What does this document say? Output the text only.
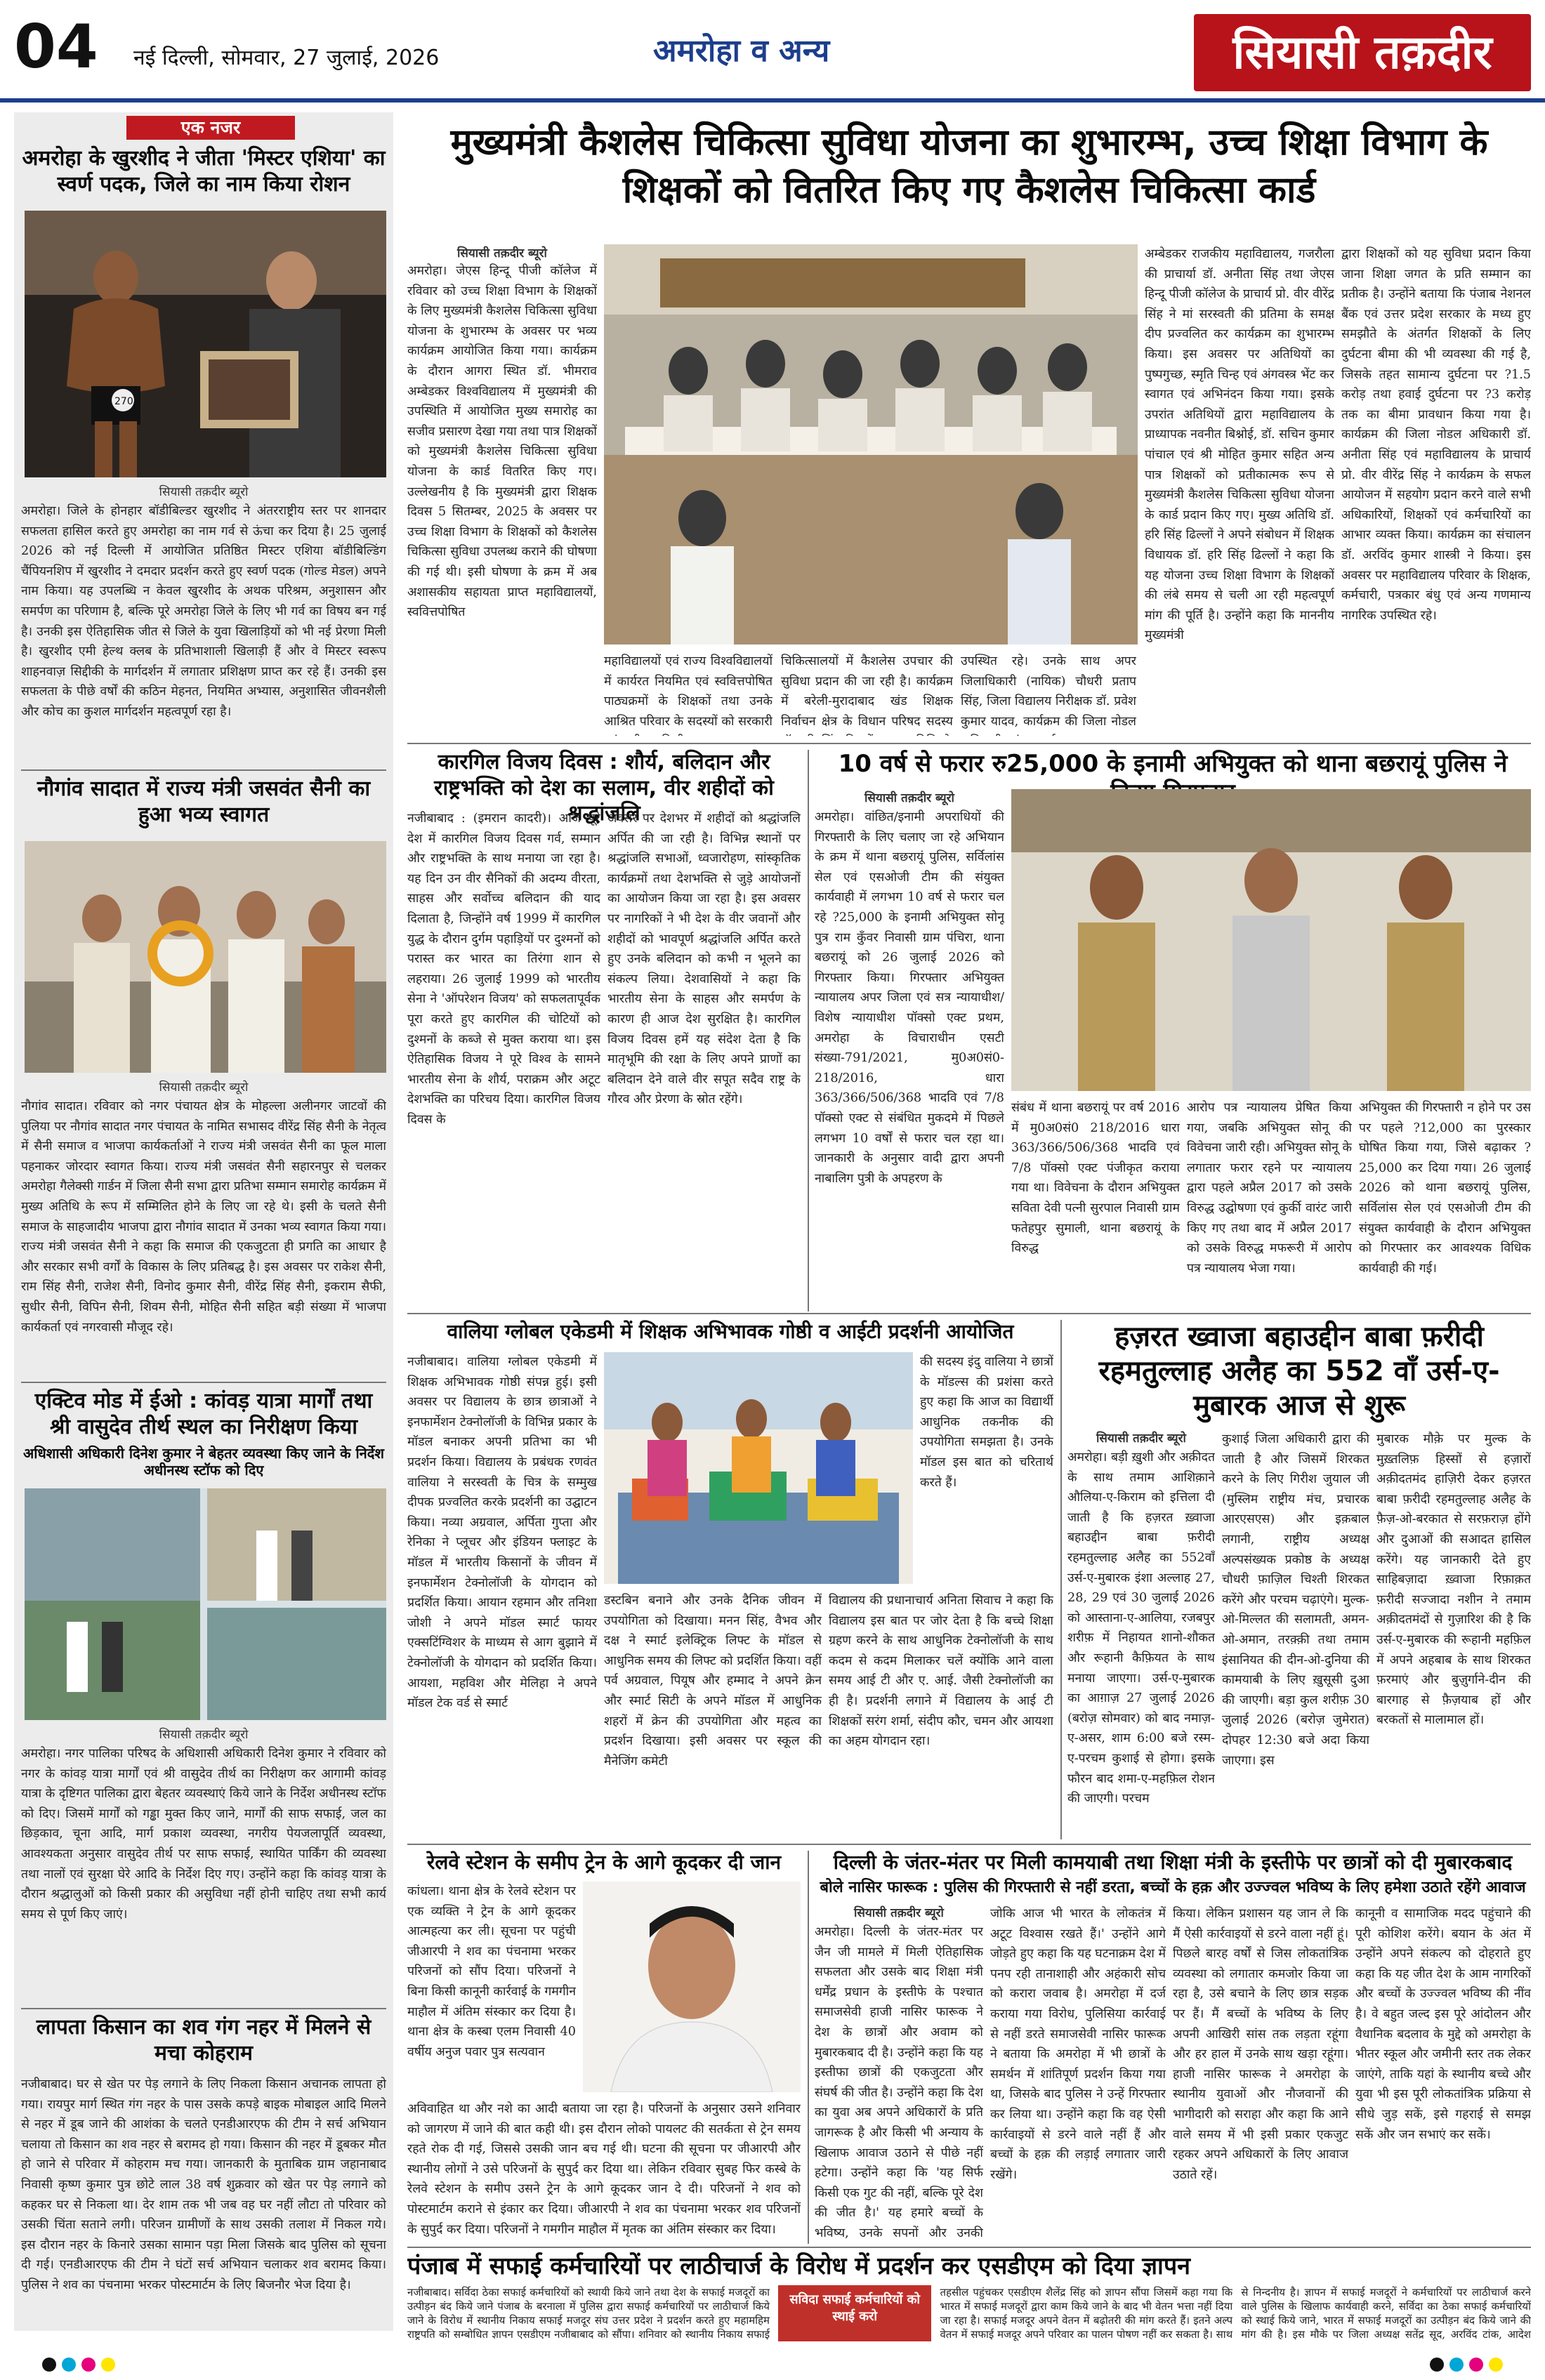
04	नई दिल्ली, सोमवार, 27 जुलाई, 2026	अमरोहा व अन्य	सियासी तक़दीर
एक नजर
अमरोहा के खुरशीद ने जीता 'मिस्टर एशिया' का स्वर्ण पदक, जिले का नाम किया रोशन
270
सियासी तक़दीर ब्यूरो
अमरोहा। जिले के होनहार बॉडीबिल्डर खुरशीद ने अंतरराष्ट्रीय स्तर पर शानदार सफलता हासिल करते हुए अमरोहा का नाम गर्व से ऊंचा कर दिया है। 25 जुलाई 2026 को नई दिल्ली में आयोजित प्रतिष्ठित मिस्टर एशिया बॉडीबिल्डिंग चैंपियनशिप में खुरशीद ने दमदार प्रदर्शन करते हुए स्वर्ण पदक (गोल्ड मेडल) अपने नाम किया। यह उपलब्धि न केवल खुरशीद के अथक परिश्रम, अनुशासन और समर्पण का परिणाम है, बल्कि पूरे अमरोहा जिले के लिए भी गर्व का विषय बन गई है। उनकी इस ऐतिहासिक जीत से जिले के युवा खिलाड़ियों को भी नई प्रेरणा मिली है। खुरशीद एमी हेल्थ क्लब के प्रतिभाशाली खिलाड़ी हैं और वे मिस्टर स्वरूप शाहनवाज़ सिद्दीकी के मार्गदर्शन में लगातार प्रशिक्षण प्राप्त कर रहे हैं। उनकी इस सफलता के पीछे वर्षों की कठिन मेहनत, नियमित अभ्यास, अनुशासित जीवनशैली और कोच का कुशल मार्गदर्शन महत्वपूर्ण रहा है।
नौगांव सादात में राज्य मंत्री जसवंत सैनी का हुआ भव्य स्वागत
सियासी तक़दीर ब्यूरो
नौगांव सादात। रविवार को नगर पंचायत क्षेत्र के मोहल्ला अलीनगर जाटवों की पुलिया पर नौगांव सादात नगर पंचायत के नामित सभासद वीरेंद्र सिंह सैनी के नेतृत्व में सैनी समाज व भाजपा कार्यकर्ताओं ने राज्य मंत्री जसवंत सैनी का फूल माला पहनाकर जोरदार स्वागत किया। राज्य मंत्री जसवंत सैनी सहारनपुर से चलकर अमरोहा गैलेक्सी गार्डन में जिला सैनी सभा द्वारा प्रतिभा सम्मान समारोह कार्यक्रम में मुख्य अतिथि के रूप में सम्मिलित होने के लिए जा रहे थे। इसी के चलते सैनी समाज के साहजादीय भाजपा द्वारा नौगांव सादात में उनका भव्य स्वागत किया गया। राज्य मंत्री जसवंत सैनी ने कहा कि समाज की एकजुटता ही प्रगति का आधार है और सरकार सभी वर्गों के विकास के लिए प्रतिबद्ध है। इस अवसर पर राकेश सैनी, राम सिंह सैनी, राजेश सैनी, विनोद कुमार सैनी, वीरेंद्र सिंह सैनी, इकराम सैफी, सुधीर सैनी, विपिन सैनी, शिवम सैनी, मोहित सैनी सहित बड़ी संख्या में भाजपा कार्यकर्ता एवं नगरवासी मौजूद रहे।
एक्टिव मोड में ईओ : कांवड़ यात्रा मार्गों तथा श्री वासुदेव तीर्थ स्थल का निरीक्षण किया
अधिशासी अधिकारी दिनेश कुमार ने बेहतर व्यवस्था किए जाने के निर्देश अधीनस्थ स्टॉफ को दिए
सियासी तक़दीर ब्यूरो
अमरोहा। नगर पालिका परिषद के अधिशासी अधिकारी दिनेश कुमार ने रविवार को नगर के कांवड़ यात्रा मार्गों एवं श्री वासुदेव तीर्थ का निरीक्षण कर आगामी कांवड़ यात्रा के दृष्टिगत पालिका द्वारा बेहतर व्यवस्थाएं किये जाने के निर्देश अधीनस्थ स्टॉफ को दिए। जिसमें मार्गों को गड्ढा मुक्त किए जाने, मार्गों की साफ सफाई, जल का छिड़काव, चूना आदि, मार्ग प्रकाश व्यवस्था, नगरीय पेयजलापूर्ति व्यवस्था, आवश्यकता अनुसार वासुदेव तीर्थ पर साफ सफाई, स्थायित पार्किंग की व्यवस्था तथा नालों एवं सुरक्षा घेरे आदि के निर्देश दिए गए। उन्होंने कहा कि कांवड़ यात्रा के दौरान श्रद्धालुओं को किसी प्रकार की असुविधा नहीं होनी चाहिए तथा सभी कार्य समय से पूर्ण किए जाएं।
लापता किसान का शव गंग नहर में मिलने से मचा कोहराम
नजीबाबाद। घर से खेत पर पेड़ लगाने के लिए निकला किसान अचानक लापता हो गया। रायपुर मार्ग स्थित गंग नहर के पास उसके कपड़े बाइक मोबाइल आदि मिलने से नहर में डूब जाने की आशंका के चलते एनडीआरएफ की टीम ने सर्च अभियान चलाया तो किसान का शव नहर से बरामद हो गया। किसान की नहर में डूबकर मौत हो जाने से परिवार में कोहराम मच गया। जानकारी के मुताबिक ग्राम जहानाबाद निवासी कृष्ण कुमार पुत्र छोटे लाल 38 वर्ष शुक्रवार को खेत पर पेड़ लगाने को कहकर घर से निकला था। देर शाम तक भी जब वह घर नहीं लौटा तो परिवार को उसकी चिंता सताने लगी। परिजन ग्रामीणों के साथ उसकी तलाश में निकल गये। इस दौरान नहर के किनारे उसका सामान पड़ा मिला जिसके बाद पुलिस को सूचना दी गई। एनडीआरएफ की टीम ने घंटों सर्च अभियान चलाकर शव बरामद किया। पुलिस ने शव का पंचनामा भरकर पोस्टमार्टम के लिए बिजनौर भेज दिया है।
मुख्यमंत्री कैशलेस चिकित्सा सुविधा योजना का शुभारम्भ, उच्च शिक्षा विभाग के शिक्षकों को वितरित किए गए कैशलेस चिकित्सा कार्ड
सियासी तक़दीर ब्यूरो
अमरोहा। जेएस हिन्दू पीजी कॉलेज में रविवार को उच्च शिक्षा विभाग के शिक्षकों के लिए मुख्यमंत्री कैशलेस चिकित्सा सुविधा योजना के शुभारम्भ के अवसर पर भव्य कार्यक्रम आयोजित किया गया। कार्यक्रम के दौरान आगरा स्थित डॉ. भीमराव अम्बेडकर विश्वविद्यालय में मुख्यमंत्री की उपस्थिति में आयोजित मुख्य समारोह का सजीव प्रसारण देखा गया तथा पात्र शिक्षकों को मुख्यमंत्री कैशलेस चिकित्सा सुविधा योजना के कार्ड वितरित किए गए। उल्लेखनीय है कि मुख्यमंत्री द्वारा शिक्षक दिवस 5 सितम्बर, 2025 के अवसर पर उच्च शिक्षा विभाग के शिक्षकों को कैशलेस चिकित्सा सुविधा उपलब्ध कराने की घोषणा की गई थी। इसी घोषणा के क्रम में अब अशासकीय सहायता प्राप्त महाविद्यालयों, स्ववित्तपोषित
महाविद्यालयों एवं राज्य विश्वविद्यालयों में कार्यरत नियमित एवं स्ववित्तपोषित पाठ्यक्रमों के शिक्षकों तथा उनके आश्रित परिवार के सदस्यों को सरकारी
चिकित्सालयों में कैशलेस उपचार की सुविधा प्रदान की जा रही है। कार्यक्रम में बरेली-मुरादाबाद खंड शिक्षक निर्वाचन क्षेत्र के विधान परिषद सदस्य
उपस्थित रहे। उनके साथ अपर जिलाधिकारी (नायिक) चौधरी प्रताप सिंह, जिला विद्यालय निरीक्षक डॉ. प्रवेश कुमार यादव, कार्यक्रम की जिला नोडल
अम्बेडकर राजकीय महाविद्यालय, गजरौला की प्राचार्या डॉ. अनीता सिंह तथा जेएस हिन्दू पीजी कॉलेज के प्राचार्य प्रो. वीर वीरेंद्र सिंह ने मां सरस्वती की प्रतिमा के समक्ष दीप प्रज्वलित कर कार्यक्रम का शुभारम्भ किया। इस अवसर पर अतिथियों का पुष्पगुच्छ, स्मृति चिन्ह एवं अंगवस्त्र भेंट कर स्वागत एवं अभिनंदन किया गया। इसके उपरांत अतिथियों द्वारा महाविद्यालय के प्राध्यापक नवनीत बिश्नोई, डॉ. सचिन कुमार पांचाल एवं श्री मोहित कुमार सहित अन्य पात्र शिक्षकों को प्रतीकात्मक रूप से मुख्यमंत्री कैशलेस चिकित्सा सुविधा योजना के कार्ड प्रदान किए गए। मुख्य अतिथि डॉ. हरि सिंह ढिल्लों ने अपने संबोधन में शिक्षक विधायक डॉ. हरि सिंह ढिल्लों ने कहा कि यह योजना उच्च शिक्षा विभाग के शिक्षकों की लंबे समय से चली आ रही महत्वपूर्ण मांग की पूर्ति है। उन्होंने कहा कि माननीय मुख्यमंत्री
द्वारा शिक्षकों को यह सुविधा प्रदान किया जाना शिक्षा जगत के प्रति सम्मान का प्रतीक है। उन्होंने बताया कि पंजाब नेशनल बैंक एवं उत्तर प्रदेश सरकार के मध्य हुए समझौते के अंतर्गत शिक्षकों के लिए दुर्घटना बीमा की भी व्यवस्था की गई है, जिसके तहत सामान्य दुर्घटना पर ?1.5 करोड़ तथा हवाई दुर्घटना पर ?3 करोड़ तक का बीमा प्रावधान किया गया है। कार्यक्रम की जिला नोडल अधिकारी डॉ. अनीता सिंह एवं महाविद्यालय के प्राचार्य प्रो. वीर वीरेंद्र सिंह ने कार्यक्रम के सफल आयोजन में सहयोग प्रदान करने वाले सभी अधिकारियों, शिक्षकों एवं कर्मचारियों का आभार व्यक्त किया। कार्यक्रम का संचालन डॉ. अरविंद कुमार शास्त्री ने किया। इस अवसर पर महाविद्यालय परिवार के शिक्षक, कर्मचारी, पत्रकार बंधु एवं अन्य गणमान्य नागरिक उपस्थित रहे।
कारगिल विजय दिवस : शौर्य, बलिदान और राष्ट्रभक्ति को देश का सलाम, वीर शहीदों को श्रद्धांजलि
नजीबाबाद : (इमरान कादरी)। आज पूरे देश में कारगिल विजय दिवस गर्व, सम्मान और राष्ट्रभक्ति के साथ मनाया जा रहा है। यह दिन उन वीर सैनिकों की अदम्य वीरता, साहस और सर्वोच्च बलिदान की याद दिलाता है, जिन्होंने वर्ष 1999 में कारगिल युद्ध के दौरान दुर्गम पहाड़ियों पर दुश्मनों को परास्त कर भारत का तिरंगा शान से लहराया। 26 जुलाई 1999 को भारतीय सेना ने 'ऑपरेशन विजय' को सफलतापूर्वक पूरा करते हुए कारगिल की चोटियों को दुश्मनों के कब्जे से मुक्त कराया था। इस ऐतिहासिक विजय ने पूरे विश्व के सामने भारतीय सेना के शौर्य, पराक्रम और अटूट देशभक्ति का परिचय दिया। कारगिल विजय दिवस के
अवसर पर देशभर में शहीदों को श्रद्धांजलि अर्पित की जा रही है। विभिन्न स्थानों पर श्रद्धांजलि सभाओं, ध्वजारोहण, सांस्कृतिक कार्यक्रमों तथा देशभक्ति से जुड़े आयोजनों का आयोजन किया जा रहा है। इस अवसर पर नागरिकों ने भी देश के वीर जवानों और शहीदों को भावपूर्ण श्रद्धांजलि अर्पित करते हुए उनके बलिदान को कभी न भूलने का संकल्प लिया। देशवासियों ने कहा कि भारतीय सेना के साहस और समर्पण के कारण ही आज देश सुरक्षित है। कारगिल विजय दिवस हमें यह संदेश देता है कि मातृभूमि की रक्षा के लिए अपने प्राणों का बलिदान देने वाले वीर सपूत सदैव राष्ट्र के गौरव और प्रेरणा के स्रोत रहेंगे।
10 वर्ष से फरार रु25,000 के इनामी अभियुक्त को थाना बछरायूं पुलिस ने
सियासी तक़दीर ब्यूरो
अमरोहा। वांछित/इनामी अपराधियों की गिरफ्तारी के लिए चलाए जा रहे अभियान के क्रम में थाना बछरायूं पुलिस, सर्विलांस सेल एवं एसओजी टीम की संयुक्त कार्यवाही में लगभग 10 वर्ष से फरार चल रहे ?25,000 के इनामी अभियुक्त सोनू पुत्र राम कुँवर निवासी ग्राम पंचिरा, थाना बछरायूं को 26 जुलाई 2026 को गिरफ्तार किया। गिरफ्तार अभियुक्त न्यायालय अपर जिला एवं सत्र न्यायाधीश/विशेष न्यायाधीश पॉक्सो एक्ट प्रथम, अमरोहा के विचाराधीन एसटी संख्या-791/2021, मु0अ0सं0-218/2016, धारा 363/366/506/368 भादवि एवं 7/8 पॉक्सो एक्ट से संबंधित मुकदमे में पिछले लगभग 10 वर्षों से फरार चल रहा था। जानकारी के अनुसार वादी द्वारा अपनी नाबालिग पुत्री के अपहरण के
संबंध में थाना बछरायूं पर वर्ष 2016 में मु0अ0सं0 218/2016 धारा 363/366/506/368 भादवि एवं 7/8 पॉक्सो एक्ट पंजीकृत कराया गया था। विवेचना के दौरान अभियुक्त सविता देवी पत्नी सुरपाल निवासी ग्राम फतेहपुर सुमाली, थाना बछरायूं के विरुद्ध
आरोप पत्र न्यायालय प्रेषित किया गया, जबकि अभियुक्त सोनू की विवेचना जारी रही। अभियुक्त सोनू के लगातार फरार रहने पर न्यायालय द्वारा पहले अप्रैल 2017 को उसके विरुद्ध उद्घोषणा एवं कुर्की वारंट जारी किए गए तथा बाद में अप्रैल 2017 को उसके विरुद्ध मफरूरी में आरोप पत्र न्यायालय भेजा गया।
अभियुक्त की गिरफ्तारी न होने पर उस पर पहले ?12,000 का पुरस्कार घोषित किया गया, जिसे बढ़ाकर ?25,000 कर दिया गया। 26 जुलाई 2026 को थाना बछरायूं पुलिस, सर्विलांस सेल एवं एसओजी टीम की संयुक्त कार्यवाही के दौरान अभियुक्त को गिरफ्तार कर आवश्यक विधिक कार्यवाही की गई।
वालिया ग्लोबल एकेडमी में शिक्षक अभिभावक गोष्ठी व आईटी प्रदर्शनी आयोजित
नजीबाबाद। वालिया ग्लोबल एकेडमी में शिक्षक अभिभावक गोष्ठी संपन्न हुई। इसी अवसर पर विद्यालय के छात्र छात्राओं ने इनफार्मेशन टेक्नोलॉजी के विभिन्न प्रकार के मॉडल बनाकर अपनी प्रतिभा का भी प्रदर्शन किया। विद्यालय के प्रबंधक रणवंत वालिया ने सरस्वती के चित्र के सम्मुख दीपक प्रज्वलित करके प्रदर्शनी का उद्घाटन किया। नव्या अग्रवाल, अर्पिता गुप्ता और रेनिका ने प्लूचर और इंडियन फ्लाइट के मॉडल में भारतीय किसानों के जीवन में इनफार्मेशन टेक्नोलॉजी के योगदान को प्रदर्शित किया। आयान रहमान और तनिशा जोशी ने अपने मॉडल स्मार्ट फायर एक्सटिंग्विशर के माध्यम से आग बुझाने में टेक्नोलॉजी के योगदान को प्रदर्शित किया। आयशा, महविश और मेलिहा ने अपने मॉडल टेक वर्ड से स्मार्ट
की सदस्य इंदु वालिया ने छात्रों के मॉडल्स की प्रशंसा करते हुए कहा कि आज का विद्यार्थी आधुनिक तकनीक की उपयोगिता समझता है। उनके मॉडल इस बात को चरितार्थ करते हैं।
डस्टबिन बनाने और उनके दैनिक जीवन में उपयोगिता को दिखाया। मनन सिंह, वैभव और दक्ष ने स्मार्ट इलेक्ट्रिक लिफ्ट के मॉडल से आधुनिक समय की लिफ्ट को प्रदर्शित किया। वहीं पर्व अग्रवाल, पियूष और हम्माद ने अपने क्रेन और स्मार्ट सिटी के अपने मॉडल में आधुनिक शहरों में क्रेन की उपयोगिता और महत्व का प्रदर्शन दिखाया। इसी अवसर पर स्कूल की मैनेजिंग कमेटी
विद्यालय की प्रधानाचार्य अनिता सिवाच ने कहा कि विद्यालय इस बात पर जोर देता है कि बच्चे शिक्षा ग्रहण करने के साथ आधुनिक टेक्नोलॉजी के साथ कदम से कदम मिलाकर चलें क्योंकि आने वाला समय आई टी और ए. आई. जैसी टेक्नोलॉजी का ही है। प्रदर्शनी लगाने में विद्यालय के आई टी शिक्षकों सरंग शर्मा, संदीप कौर, चमन और आयशा का अहम योगदान रहा।
हज़रत ख्वाजा बहाउद्दीन बाबा फ़रीदी रहमतुल्लाह अलैह का 552 वाँ उर्स-ए-मुबारक आज से शुरू
सियासी तक़दीर ब्यूरो
अमरोहा। बड़ी ख़ुशी और अक़ीदत के साथ तमाम आशिक़ाने औलिया-ए-किराम को इत्तिला दी जाती है कि हज़रत ख़्वाजा बहाउद्दीन बाबा फ़रीदी रहमतुल्लाह अलैह का 552वाँ उर्स-ए-मुबारक इंशा अल्लाह 27, 28, 29 एवं 30 जुलाई 2026 को आस्ताना-ए-आलिया, रजबपुर शरीफ़ में निहायत शानो-शौकत और रूहानी कैफ़ियत के साथ मनाया जाएगा। उर्स-ए-मुबारक का आग़ाज़ 27 जुलाई 2026 (बरोज़ सोमवार) को बाद नमाज़-ए-असर, शाम 6:00 बजे रस्म-ए-परचम कुशाई से होगा। इसके फौरन बाद शमा-ए-महफ़िल रोशन की जाएगी। परचम
कुशाई जिला अधिकारी द्वारा की जाती है और जिसमें शिरकत करने के लिए गिरीश जुयाल जी (मुस्लिम राष्ट्रीय मंच, प्रचारक आरएसएस) और इक़बाल लगानी, राष्ट्रीय अध्यक्ष अल्पसंख्यक प्रकोष्ठ के अध्यक्ष चौधरी फ़ाज़िल चिश्ती शिरकत करेंगे और परचम चढ़ाएंगे। मुल्क-ओ-मिल्लत की सलामती, अमन-ओ-अमान, तरक़्क़ी तथा तमाम इंसानियत की दीन-ओ-दुनिया की कामयाबी के लिए ख़ुसूसी दुआ की जाएगी। बड़ा कुल शरीफ़ 30 जुलाई 2026 (बरोज़ जुमेरात) दोपहर 12:30 बजे अदा किया जाएगा। इस
मुबारक मौक़े पर मुल्क के मुख़्तलिफ़ हिस्सों से हज़ारों अक़ीदतमंद हाज़िरी देकर हज़रत बाबा फ़रीदी रहमतुल्लाह अलैह के फ़ैज़-ओ-बरकात से सरफ़राज़ होंगे और दुआओं की सआदत हासिल करेंगे। यह जानकारी देते हुए साहिबज़ादा ख़्वाजा रिफ़ाक़त फ़रीदी सज्जादा नशीन ने तमाम अक़ीदतमंदों से गुज़ारिश की है कि उर्स-ए-मुबारक की रूहानी महफ़िल में अपने अहबाब के साथ शिरकत फ़रमाएं और बुज़ुर्गाने-दीन की बारगाह से फ़ैज़याब हों और बरकतों से मालामाल हों।
रेलवे स्टेशन के समीप ट्रेन के आगे कूदकर दी जान
कांधला। थाना क्षेत्र के रेलवे स्टेशन पर एक व्यक्ति ने ट्रेन के आगे कूदकर आत्महत्या कर ली। सूचना पर पहुंची जीआरपी ने शव का पंचनामा भरकर परिजनों को सौंप दिया। परिजनों ने बिना किसी कानूनी कार्रवाई के गमगीन माहौल में अंतिम संस्कार कर दिया है। थाना क्षेत्र के कस्बा एलम निवासी 40 वर्षीय अनुज पवार पुत्र सत्यवान
अविवाहित था और नशे का आदी बताया जा रहा है। परिजनों के अनुसार उसने शनिवार को जागरण में जाने की बात कही थी। इस दौरान लोको पायलट की सतर्कता से ट्रेन समय रहते रोक दी गई, जिससे उसकी जान बच गई थी। घटना की सूचना पर जीआरपी और स्थानीय लोगों ने उसे परिजनों के सुपुर्द कर दिया था। लेकिन रविवार सुबह फिर कस्बे के रेलवे स्टेशन के समीप उसने ट्रेन के आगे कूदकर जान दे दी। परिजनों ने शव को पोस्टमार्टम कराने से इंकार कर दिया। जीआरपी ने शव का पंचनामा भरकर शव परिजनों के सुपुर्द कर दिया। परिजनों ने गमगीन माहौल में मृतक का अंतिम संस्कार कर दिया।
दिल्ली के जंतर-मंतर पर मिली कामयाबी तथा शिक्षा मंत्री के इस्तीफे पर छात्रों को दी मुबारकबाद
बोले नासिर फारूक : पुलिस की गिरफ्तारी से नहीं डरता, बच्चों के हक़ और उज्ज्वल भविष्य के लिए हमेशा उठाते रहेंगे आवाज
सियासी तक़दीर ब्यूरो
अमरोहा। दिल्ली के जंतर-मंतर पर जैन जी मामले में मिली ऐतिहासिक सफलता और उसके बाद शिक्षा मंत्री धर्मेंद्र प्रधान के इस्तीफे के पश्चात समाजसेवी हाजी नासिर फारूक ने देश के छात्रों और अवाम को मुबारकबाद दी है। उन्होंने कहा कि यह इस्तीफा छात्रों की एकजुटता और संघर्ष की जीत है। उन्होंने कहा कि देश का युवा अब अपने अधिकारों के प्रति जागरूक है और किसी भी अन्याय के खिलाफ आवाज उठाने से पीछे नहीं हटेगा। उन्होंने कहा कि 'यह सिर्फ किसी एक गुट की नहीं, बल्कि पूरे देश की जीत है।' यह हमारे बच्चों के भविष्य, उनके सपनों और उनकी
जोकि आज भी भारत के लोकतंत्र में अटूट विश्वास रखते हैं।' उन्होंने आगे जोड़ते हुए कहा कि यह घटनाक्रम देश में पनप रही तानाशाही और अहंकारी सोच को करारा जवाब है। अमरोहा में दर्ज कराया गया विरोध, पुलिसिया कार्रवाई से नहीं डरते समाजसेवी नासिर फारूक ने बताया कि अमरोहा में भी छात्रों के समर्थन में शांतिपूर्ण प्रदर्शन किया गया था, जिसके बाद पुलिस ने उन्हें गिरफ्तार कर लिया था। उन्होंने कहा कि वह ऐसी कार्रवाइयों से डरने वाले नहीं हैं और बच्चों के हक़ की लड़ाई लगातार जारी रखेंगे।
किया। लेकिन प्रशासन यह जान ले कि मैं ऐसी कार्रवाइयों से डरने वाला नहीं हूं। पिछले बारह वर्षों से जिस लोकतांत्रिक व्यवस्था को लगातार कमजोर किया जा रहा है, उसे बचाने के लिए छात्र सड़क पर हैं। मैं बच्चों के भविष्य के लिए अपनी आखिरी सांस तक लड़ता रहूंगा और हर हाल में उनके साथ खड़ा रहूंगा। हाजी नासिर फारूक ने अमरोहा के स्थानीय युवाओं और नौजवानों की भागीदारी को सराहा और कहा कि आने वाले समय में भी इसी प्रकार एकजुट रहकर अपने अधिकारों के लिए आवाज उठाते रहें।
कानूनी व सामाजिक मदद पहुंचाने की पूरी कोशिश करेंगे। बयान के अंत में उन्होंने अपने संकल्प को दोहराते हुए कहा कि यह जीत देश के आम नागरिकों और बच्चों के उज्ज्वल भविष्य की नींव है। वे बहुत जल्द इस पूरे आंदोलन और वैधानिक बदलाव के मुद्दे को अमरोहा के भीतर स्कूल और जमीनी स्तर तक लेकर जाएंगे, ताकि यहां के स्थानीय बच्चे और युवा भी इस पूरी लोकतांत्रिक प्रक्रिया से सीधे जुड़ सकें, इसे गहराई से समझ सकें और जन सभाएं कर सकें।
पंजाब में सफाई कर्मचारियों पर लाठीचार्ज के विरोध में प्रदर्शन कर एसडीएम को दिया ज्ञापन
नजीबाबाद। सर्विदा ठेका सफाई कर्मचारियों को स्थायी किये जाने तथा देश के सफाई मजदूरों का उत्पीड़न बंद किये जाने पंजाब के बरनाला में पुलिस द्वारा सफाई कर्मचारियों पर लाठीचार्ज किये जाने के विरोध में स्थानीय निकाय सफाई मजदूर संघ उत्तर प्रदेश ने प्रदर्शन करते हुए महामहिम राष्ट्रपति को सम्बोधित ज्ञापन एसडीएम नजीबाबाद को सौंपा। शनिवार को स्थानीय निकाय सफाई
सविदा सफाई कर्मचारियों को स्थाई करो
तहसील पहुंचकर एसडीएम शैलेंद्र सिंह को ज्ञापन सौंपा जिसमें कहा गया कि भारत में सफाई मजदूरों द्वारा काम किये जाने के बाद भी वेतन भत्ता नहीं दिया जा रहा है। सफाई मजदूर अपने वेतन में बढ़ोतरी की मांग करते हैं। इतने अल्प वेतन में सफाई मजदूर अपने परिवार का पालन पोषण नहीं कर सकता है। साथ
से निन्दनीय है। ज्ञापन में सफाई मजदूरों ने कर्मचारियों पर लाठीचार्ज करने वाले पुलिस के खिलाफ कार्यवाही करने, सर्विदा का ठेका सफाई कर्मचारियों को स्थाई किये जाने, भारत में सफाई मजदूरों का उत्पीड़न बंद किये जाने की मांग की है। इस मौके पर जिला अध्यक्ष सतेंद्र सूद, अरविंद टांक, आदेश
